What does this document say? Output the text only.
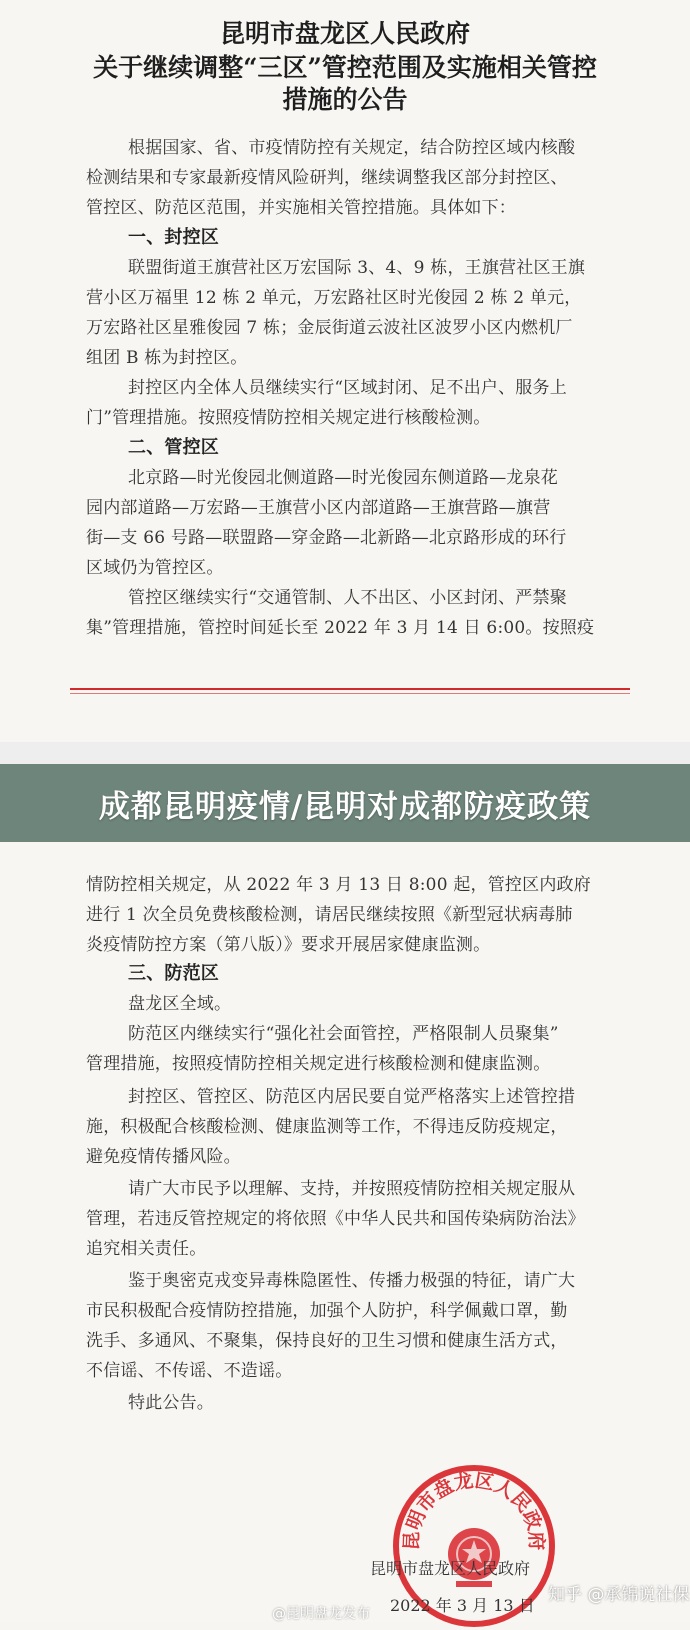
昆明市盘龙区人民政府
关于继续调整“三区”管控范围及实施相关管控
措施的公告
根据国家、省、市疫情防控有关规定，结合防控区域内核酸
检测结果和专家最新疫情风险研判，继续调整我区部分封控区、
管控区、防范区范围，并实施相关管控措施。具体如下：
一、封控区
联盟街道王旗营社区万宏国际 3、4、9 栋，王旗营社区王旗
营小区万福里 12 栋 2 单元，万宏路社区时光俊园 2 栋 2 单元，
万宏路社区星雅俊园 7 栋；金辰街道云波社区波罗小区内燃机厂
组团 B 栋为封控区。
封控区内全体人员继续实行“区域封闭、足不出户、服务上
门”管理措施。按照疫情防控相关规定进行核酸检测。
二、管控区
北京路—时光俊园北侧道路—时光俊园东侧道路—龙泉花
园内部道路—万宏路—王旗营小区内部道路—王旗营路—旗营
街—支 66 号路—联盟路—穿金路—北新路—北京路形成的环行
区域仍为管控区。
管控区继续实行“交通管制、人不出区、小区封闭、严禁聚
集”管理措施，管控时间延长至 2022 年 3 月 14 日 6:00。按照疫
成都昆明疫情/昆明对成都防疫政策
情防控相关规定，从 2022 年 3 月 13 日 8:00 起，管控区内政府
进行 1 次全员免费核酸检测，请居民继续按照《新型冠状病毒肺
炎疫情防控方案（第八版）》要求开展居家健康监测。
三、防范区
盘龙区全域。
防范区内继续实行“强化社会面管控，严格限制人员聚集”
管理措施，按照疫情防控相关规定进行核酸检测和健康监测。
封控区、管控区、防范区内居民要自觉严格落实上述管控措
施，积极配合核酸检测、健康监测等工作，不得违反防疫规定，
避免疫情传播风险。
请广大市民予以理解、支持，并按照疫情防控相关规定服从
管理，若违反管控规定的将依照《中华人民共和国传染病防治法》
追究相关责任。
鉴于奥密克戎变异毒株隐匿性、传播力极强的特征，请广大
市民积极配合疫情防控措施，加强个人防护，科学佩戴口罩，勤
洗手、多通风、不聚集，保持良好的卫生习惯和健康生活方式，
不信谣、不传谣、不造谣。
特此公告。
昆明市盘龙区人民政府
昆明市盘龙区人民政府
2022 年 3 月 13 日
知乎 @承锦说社保
@昆明盘龙发布
